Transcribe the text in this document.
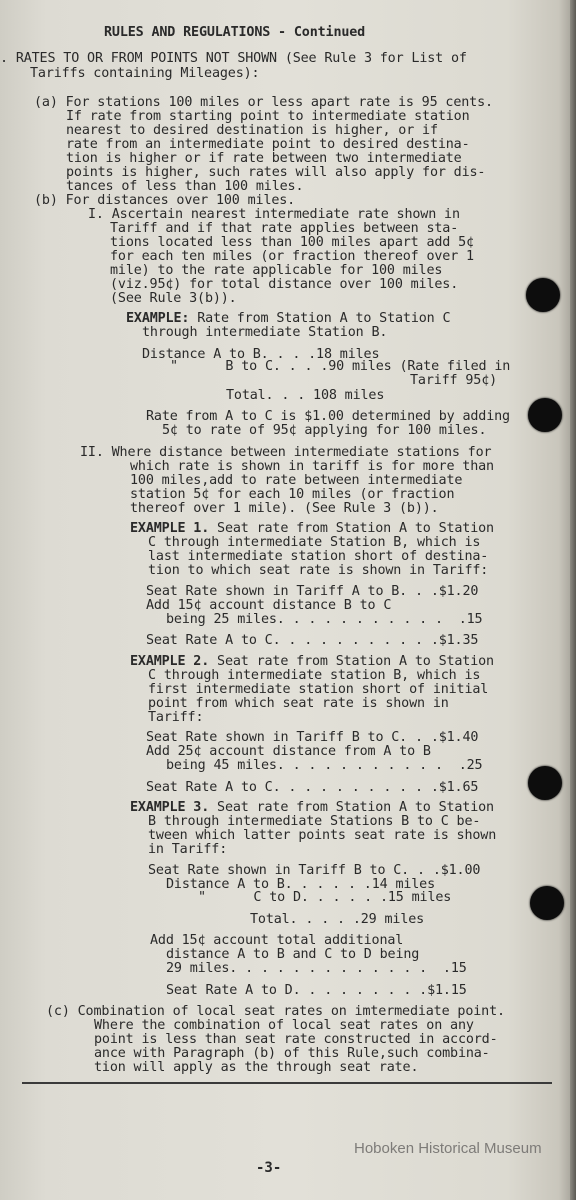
RULES AND REGULATIONS - Continued
. RATES TO OR FROM POINTS NOT SHOWN (See Rule 3 for List of
Tariffs containing Mileages):
(a) For stations 100 miles or less apart rate is 95 cents.
If rate from starting point to intermediate station
nearest to desired destination is higher, or if
rate from an intermediate point to desired destina-
tion is higher or if rate between two intermediate
points is higher, such rates will also apply for dis-
tances of less than 100 miles.
(b) For distances over 100 miles.
I. Ascertain nearest intermediate rate shown in
Tariff and if that rate applies between sta-
tions located less than 100 miles apart add 5¢
for each ten miles (or fraction thereof over 1
mile) to the rate applicable for 100 miles
(viz.95¢) for total distance over 100 miles.
(See Rule 3(b)).
EXAMPLE: Rate from Station A to Station C
through intermediate Station B.
Distance A to B. . . .18 miles
"      B to C. . . .90 miles (Rate filed in
Tariff 95¢)
Total. . . 108 miles
Rate from A to C is $1.00 determined by adding
5¢ to rate of 95¢ applying for 100 miles.
II. Where distance between intermediate stations for
which rate is shown in tariff is for more than
100 miles,add to rate between intermediate
station 5¢ for each 10 miles (or fraction
thereof over 1 mile). (See Rule 3 (b)).
EXAMPLE 1. Seat rate from Station A to Station
C through intermediate Station B, which is
last intermediate station short of destina-
tion to which seat rate is shown in Tariff:
Seat Rate shown in Tariff A to B. . .$1.20
Add 15¢ account distance B to C
being 25 miles. . . . . . . . . . .  .15
Seat Rate A to C. . . . . . . . . . .$1.35
EXAMPLE 2. Seat rate from Station A to Station
C through intermediate station B, which is
first intermediate station short of initial
point from which seat rate is shown in
Tariff:
Seat Rate shown in Tariff B to C. . .$1.40
Add 25¢ account distance from A to B
being 45 miles. . . . . . . . . . .  .25
Seat Rate A to C. . . . . . . . . . .$1.65
EXAMPLE 3. Seat rate from Station A to Station
B through intermediate Stations B to C be-
tween which latter points seat rate is shown
in Tariff:
Seat Rate shown in Tariff B to C. . .$1.00
Distance A to B. . . . . .14 miles
"      C to D. . . . . .15 miles
Total. . . . .29 miles
Add 15¢ account total additional
distance A to B and C to D being
29 miles. . . . . . . . . . . . .  .15
Seat Rate A to D. . . . . . . . .$1.15
(c) Combination of local seat rates on imtermediate point.
Where the combination of local seat rates on any
point is less than seat rate constructed in accord-
ance with Paragraph (b) of this Rule,such combina-
tion will apply as the through seat rate.
Hoboken Historical Museum
-3-
